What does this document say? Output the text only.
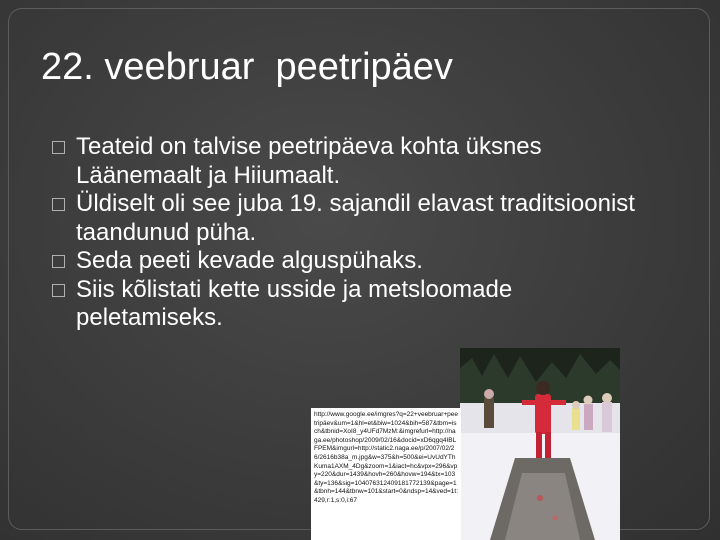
22. veebruar  peetripäev
Teateid on talvise peetripäeva kohta üksnes Läänemaalt ja Hiiumaalt.
Üldiselt oli see juba 19. sajandil elavast traditsioonist taandunud püha.
Seda peeti kevade alguspühaks.
Siis kõlistati kette usside ja metsloomade peletamiseks.
http://www.google.ee/imgres?q=22+veebruar+peetripäev&um=1&hl=et&biw=1024&bih=587&tbm=isch&tbnid=XoI8_y4UFd7MzM:&imgrefurl=http://naga.ee/photoshop/2009/02/16&docid=xD6qgq4IBLFPEM&imgurl=http://static2.naga.ee/p/2007/02/26/2616b38a_m.jpg&w=375&h=500&ei=UvUdYThKuma1AXM_4Dg&zoom=1&iact=hc&vpx=296&vpy=220&dur=1439&hovh=260&hovw=194&tx=103&ty=136&sig=104076312409181772139&page=1&tbnh=144&tbnw=101&start=0&ndsp=14&ved=1t:429,r:1,s:0,i:67
